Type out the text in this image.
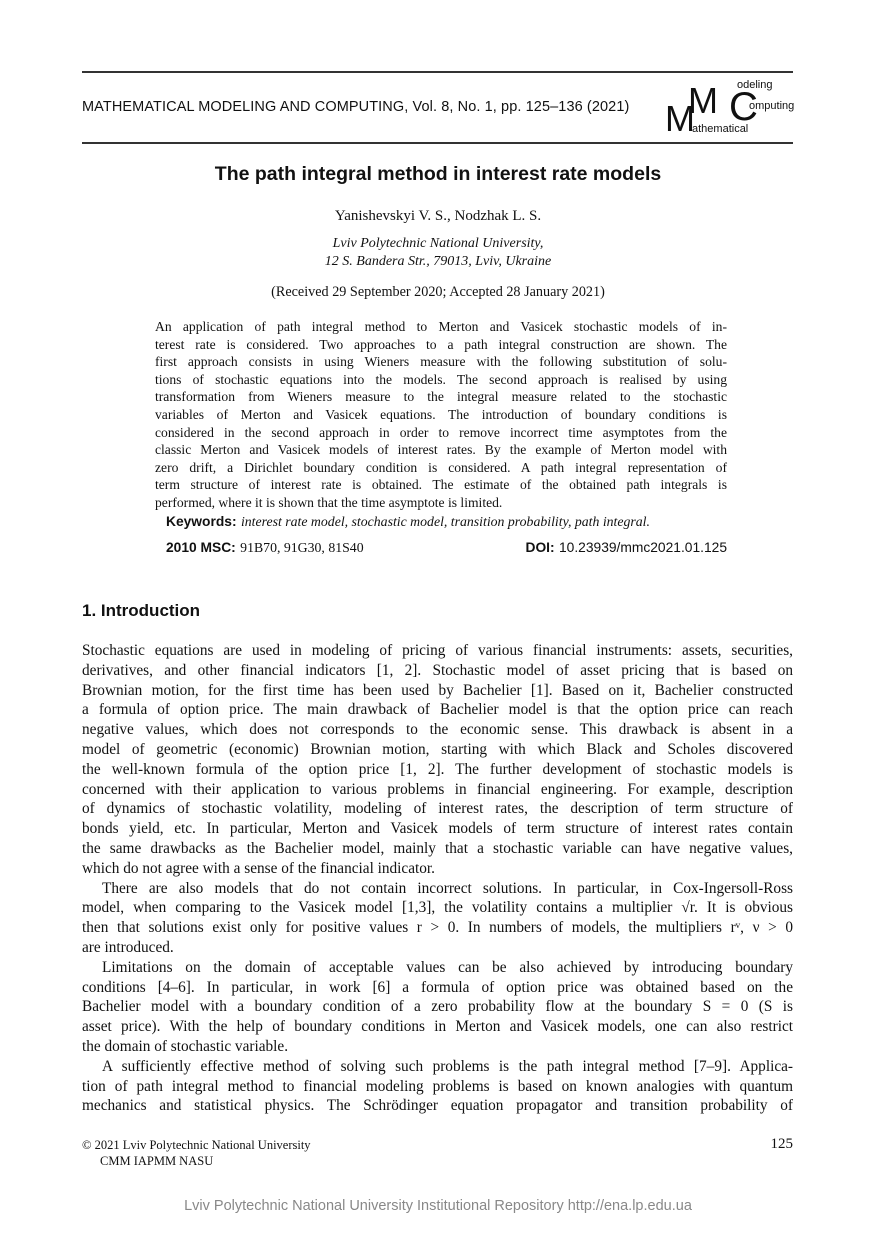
MATHEMATICAL MODELING AND COMPUTING, Vol. 8, No. 1, pp. 125–136 (2021) M
M C
odeling
omputing
athematical
The path integral method in interest rate models
Yanishevskyi V. S., Nodzhak L. S.
Lviv Polytechnic National University,
12 S. Bandera Str., 79013, Lviv, Ukraine
(Received 29 September 2020; Accepted 28 January 2021)
An application of path integral method to Merton and Vasicek stochastic models of in-
terest rate is considered. Two approaches to a path integral construction are shown. The
first approach consists in using Wieners measure with the following substitution of solu-
tions of stochastic equations into the models. The second approach is realised by using
transformation from Wieners measure to the integral measure related to the stochastic
variables of Merton and Vasicek equations. The introduction of boundary conditions is
considered in the second approach in order to remove incorrect time asymptotes from the
classic Merton and Vasicek models of interest rates. By the example of Merton model with
zero drift, a Dirichlet boundary condition is considered. A path integral representation of
term structure of interest rate is obtained. The estimate of the obtained path integrals is
performed, where it is shown that the time asymptote is limited.
Keywords: interest rate model, stochastic model, transition probability, path integral.
2010 MSC: 91B70, 91G30, 81S40	DOI: 10.23939/mmc2021.01.125
1. Introduction
Stochastic equations are used in modeling of pricing of various financial instruments: assets, securities,
derivatives, and other financial indicators [1, 2]. Stochastic model of asset pricing that is based on
Brownian motion, for the first time has been used by Bachelier [1]. Based on it, Bachelier constructed
a formula of option price. The main drawback of Bachelier model is that the option price can reach
negative values, which does not corresponds to the economic sense. This drawback is absent in a
model of geometric (economic) Brownian motion, starting with which Black and Scholes discovered
the well-known formula of the option price [1, 2]. The further development of stochastic models is
concerned with their application to various problems in financial engineering. For example, description
of dynamics of stochastic volatility, modeling of interest rates, the description of term structure of
bonds yield, etc. In particular, Merton and Vasicek models of term structure of interest rates contain
the same drawbacks as the Bachelier model, mainly that a stochastic variable can have negative values,
which do not agree with a sense of the financial indicator.
There are also models that do not contain incorrect solutions. In particular, in Cox-Ingersoll-Ross
model, when comparing to the Vasicek model [1,3], the volatility contains a multiplier √r. It is obvious
then that solutions exist only for positive values r > 0. In numbers of models, the multipliers rᵛ, ν > 0
are introduced.
Limitations on the domain of acceptable values can be also achieved by introducing boundary
conditions [4–6]. In particular, in work [6] a formula of option price was obtained based on the
Bachelier model with a boundary condition of a zero probability flow at the boundary S = 0 (S is
asset price). With the help of boundary conditions in Merton and Vasicek models, one can also restrict
the domain of stochastic variable.
A sufficiently effective method of solving such problems is the path integral method [7–9]. Applica-
tion of path integral method to financial modeling problems is based on known analogies with quantum
mechanics and statistical physics. The Schrödinger equation propagator and transition probability of
© 2021 Lviv Polytechnic National University
CMM IAPMM NASU
125
Lviv Polytechnic National University Institutional Repository http://ena.lp.edu.ua
